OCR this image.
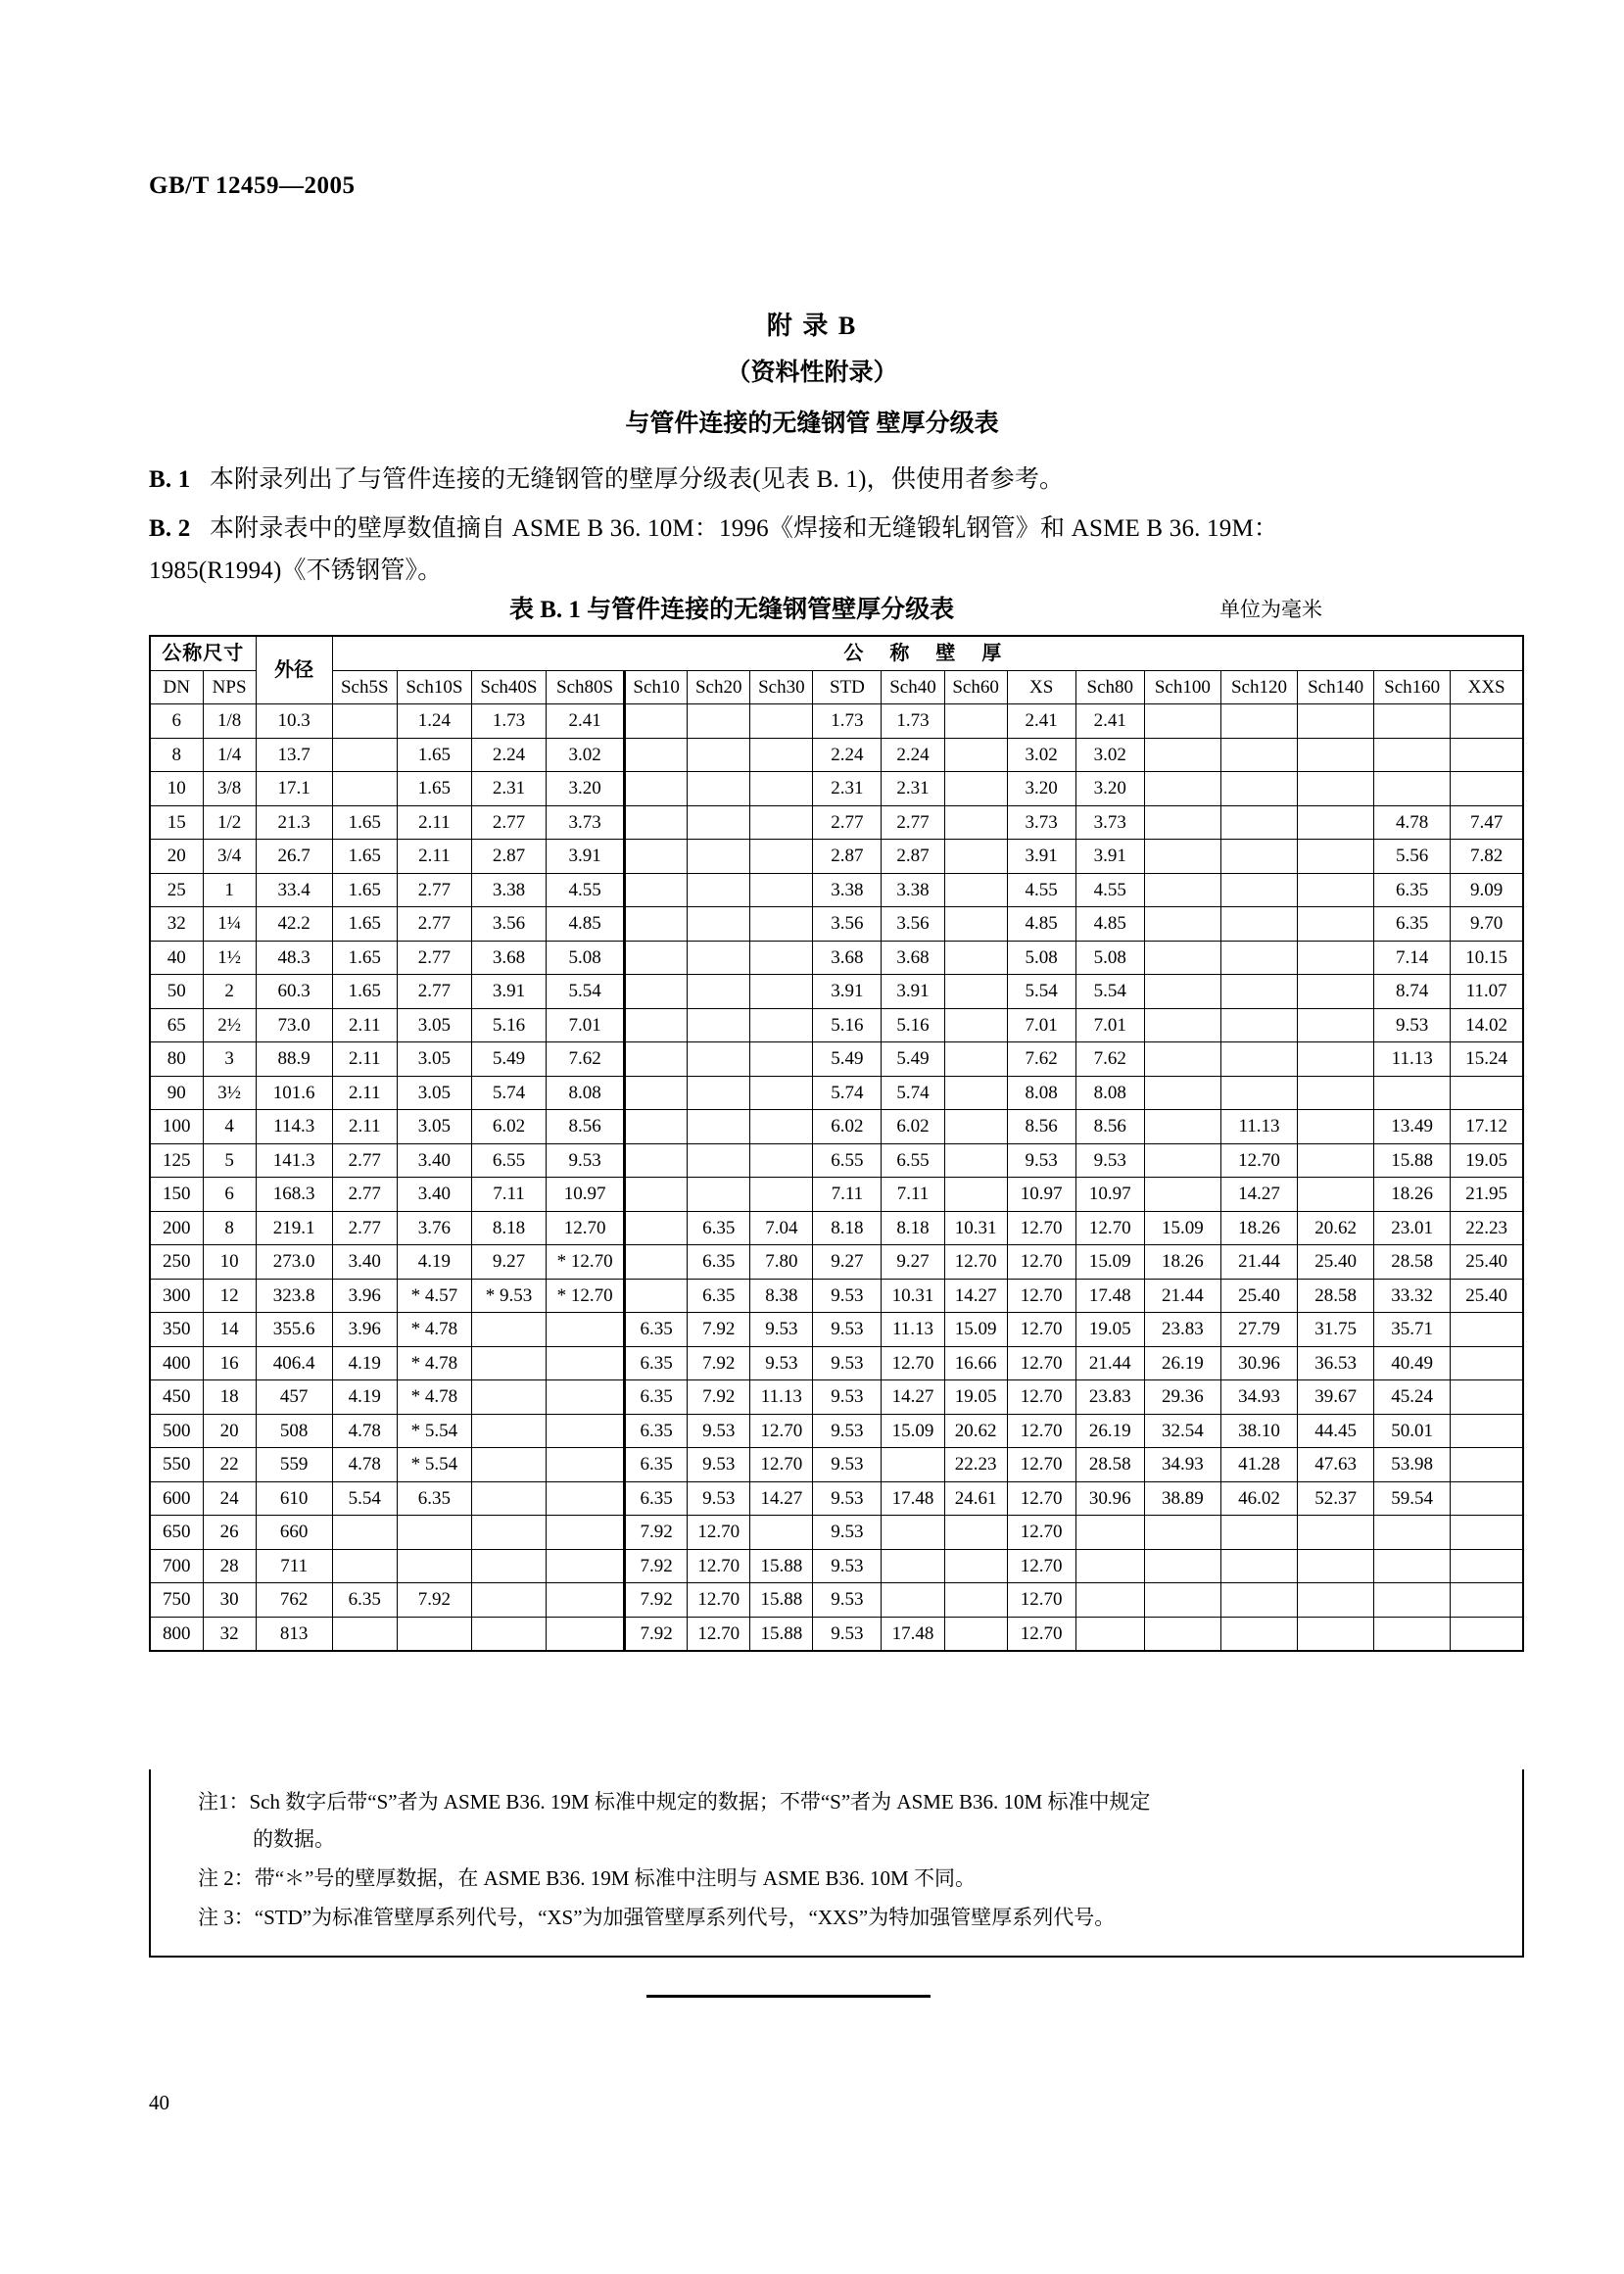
GB/T 12459—2005
附 录 B
（资料性附录）
与管件连接的无缝钢管 壁厚分级表
B. 1 本附录列出了与管件连接的无缝钢管的壁厚分级表(见表 B. 1)，供使用者参考。
B. 2 本附录表中的壁厚数值摘自 ASME B 36. 10M：1996《焊接和无缝锻轧钢管》和 ASME B 36. 19M：
1985(R1994)《不锈钢管》。
表 B. 1 与管件连接的无缝钢管壁厚分级表	单位为毫米
公称尺寸		外径	公 称 壁 厚																
DN	NPS		Sch5S	Sch10S	Sch40S	Sch80S	Sch10	Sch20	Sch30	STD	Sch40	Sch60	XS	Sch80	Sch100	Sch120	Sch140	Sch160	XXS
6	1/8	10.3		1.24	1.73	2.41				1.73	1.73		2.41	2.41					
8	1/4	13.7		1.65	2.24	3.02				2.24	2.24		3.02	3.02					
10	3/8	17.1		1.65	2.31	3.20				2.31	2.31		3.20	3.20					
15	1/2	21.3	1.65	2.11	2.77	3.73				2.77	2.77		3.73	3.73				4.78	7.47
20	3/4	26.7	1.65	2.11	2.87	3.91				2.87	2.87		3.91	3.91				5.56	7.82
25	1	33.4	1.65	2.77	3.38	4.55				3.38	3.38		4.55	4.55				6.35	9.09
32	1¼	42.2	1.65	2.77	3.56	4.85				3.56	3.56		4.85	4.85				6.35	9.70
40	1½	48.3	1.65	2.77	3.68	5.08				3.68	3.68		5.08	5.08				7.14	10.15
50	2	60.3	1.65	2.77	3.91	5.54				3.91	3.91		5.54	5.54				8.74	11.07
65	2½	73.0	2.11	3.05	5.16	7.01				5.16	5.16		7.01	7.01				9.53	14.02
80	3	88.9	2.11	3.05	5.49	7.62				5.49	5.49		7.62	7.62				11.13	15.24
90	3½	101.6	2.11	3.05	5.74	8.08				5.74	5.74		8.08	8.08					
100	4	114.3	2.11	3.05	6.02	8.56				6.02	6.02		8.56	8.56		11.13		13.49	17.12
125	5	141.3	2.77	3.40	6.55	9.53				6.55	6.55		9.53	9.53		12.70		15.88	19.05
150	6	168.3	2.77	3.40	7.11	10.97				7.11	7.11		10.97	10.97		14.27		18.26	21.95
200	8	219.1	2.77	3.76	8.18	12.70		6.35	7.04	8.18	8.18	10.31	12.70	12.70	15.09	18.26	20.62	23.01	22.23
250	10	273.0	3.40	4.19	9.27	* 12.70		6.35	7.80	9.27	9.27	12.70	12.70	15.09	18.26	21.44	25.40	28.58	25.40
300	12	323.8	3.96	* 4.57	* 9.53	* 12.70		6.35	8.38	9.53	10.31	14.27	12.70	17.48	21.44	25.40	28.58	33.32	25.40
350	14	355.6	3.96	* 4.78			6.35	7.92	9.53	9.53	11.13	15.09	12.70	19.05	23.83	27.79	31.75	35.71	
400	16	406.4	4.19	* 4.78			6.35	7.92	9.53	9.53	12.70	16.66	12.70	21.44	26.19	30.96	36.53	40.49	
450	18	457	4.19	* 4.78			6.35	7.92	11.13	9.53	14.27	19.05	12.70	23.83	29.36	34.93	39.67	45.24	
500	20	508	4.78	* 5.54			6.35	9.53	12.70	9.53	15.09	20.62	12.70	26.19	32.54	38.10	44.45	50.01	
550	22	559	4.78	* 5.54			6.35	9.53	12.70	9.53		22.23	12.70	28.58	34.93	41.28	47.63	53.98	
600	24	610	5.54	6.35			6.35	9.53	14.27	9.53	17.48	24.61	12.70	30.96	38.89	46.02	52.37	59.54	
650	26	660					7.92	12.70		9.53			12.70						
700	28	711					7.92	12.70	15.88	9.53			12.70						
750	30	762	6.35	7.92			7.92	12.70	15.88	9.53			12.70						
800	32	813					7.92	12.70	15.88	9.53	17.48		12.70						

注1：Sch 数字后带“S”者为 ASME B36. 19M 标准中规定的数据；不带“S”者为 ASME B36. 10M 标准中规定
的数据。

注 2：带“＊”号的壁厚数据，在 ASME B36. 19M 标准中注明与 ASME B36. 10M 不同。

注 3：“STD”为标准管壁厚系列代号，“XS”为加强管壁厚系列代号，“XXS”为特加强管壁厚系列代号。

40
